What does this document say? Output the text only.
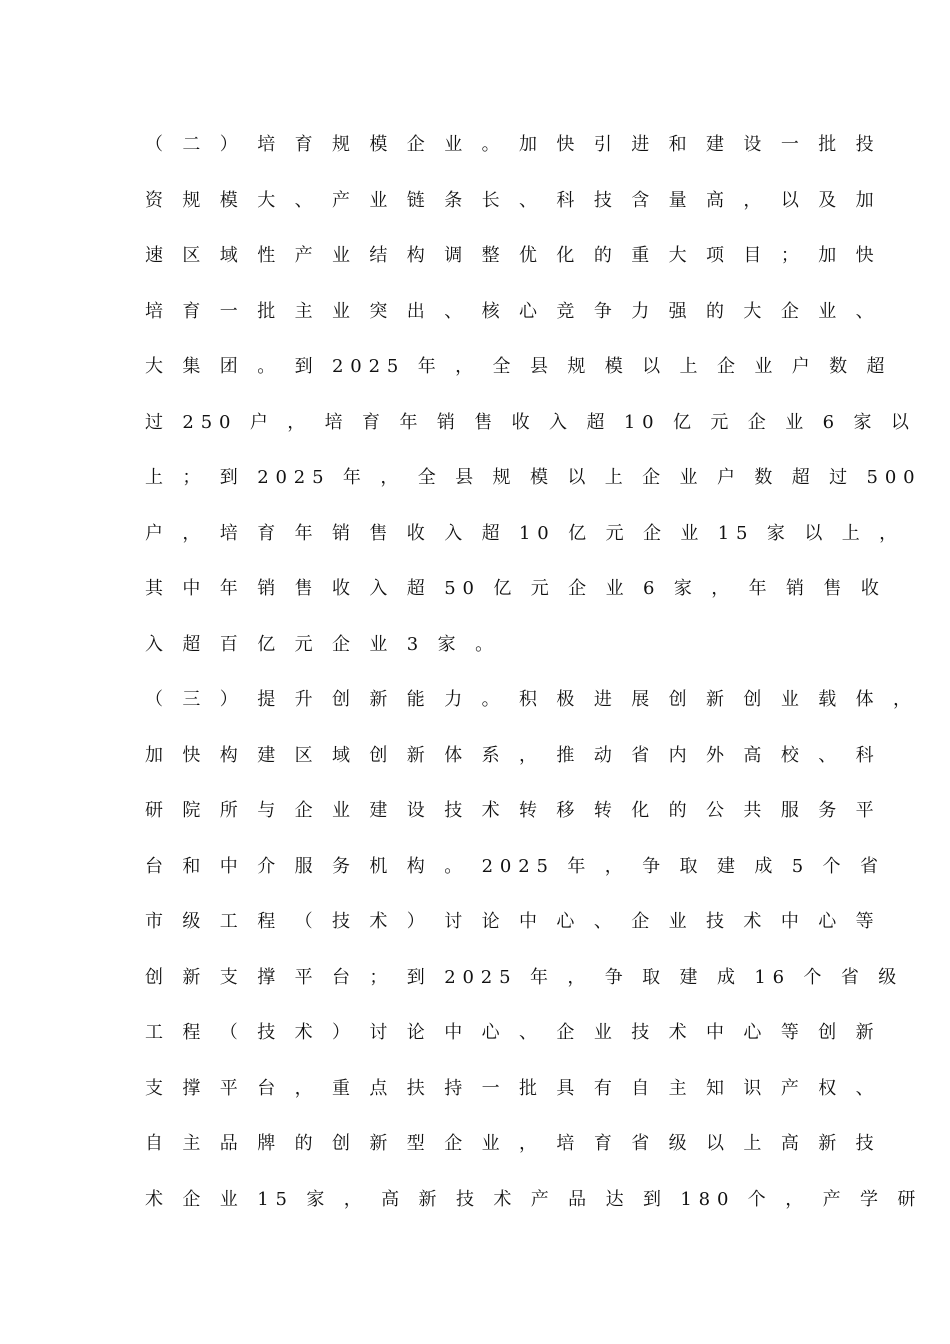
（ 二 ） 培 育 规 模 企 业 。 加 快 引 进 和 建 设 一 批 投
资 规 模 大 、 产 业 链 条 长 、 科 技 含 量 高 ， 以 及 加
速 区 域 性 产 业 结 构 调 整 优 化 的 重 大 项 目 ； 加 快
培 育 一 批 主 业 突 出 、 核 心 竞 争 力 强 的 大 企 业 、
大 集 团 。 到 2025 年 ， 全 县 规 模 以 上 企 业 户 数 超
过 250 户 ， 培 育 年 销 售 收 入 超 10 亿 元 企 业 6 家 以
上 ； 到 2025 年 ， 全 县 规 模 以 上 企 业 户 数 超 过 500
户 ， 培 育 年 销 售 收 入 超 10 亿 元 企 业 15 家 以 上 ，
其 中 年 销 售 收 入 超 50 亿 元 企 业 6 家 ， 年 销 售 收
入 超 百 亿 元 企 业 3 家 。
（ 三 ） 提 升 创 新 能 力 。 积 极 进 展 创 新 创 业 载 体 ，
加 快 构 建 区 域 创 新 体 系 ， 推 动 省 内 外 高 校 、 科
研 院 所 与 企 业 建 设 技 术 转 移 转 化 的 公 共 服 务 平
台 和 中 介 服 务 机 构 。 2025 年 ， 争 取 建 成 5 个 省
市 级 工 程 （ 技 术 ） 讨 论 中 心 、 企 业 技 术 中 心 等
创 新 支 撑 平 台 ； 到 2025 年 ， 争 取 建 成 16 个 省 级
工 程 （ 技 术 ） 讨 论 中 心 、 企 业 技 术 中 心 等 创 新
支 撑 平 台 ， 重 点 扶 持 一 批 具 有 自 主 知 识 产 权 、
自 主 品 牌 的 创 新 型 企 业 ， 培 育 省 级 以 上 高 新 技
术 企 业 15 家 ， 高 新 技 术 产 品 达 到 180 个 ， 产 学 研
